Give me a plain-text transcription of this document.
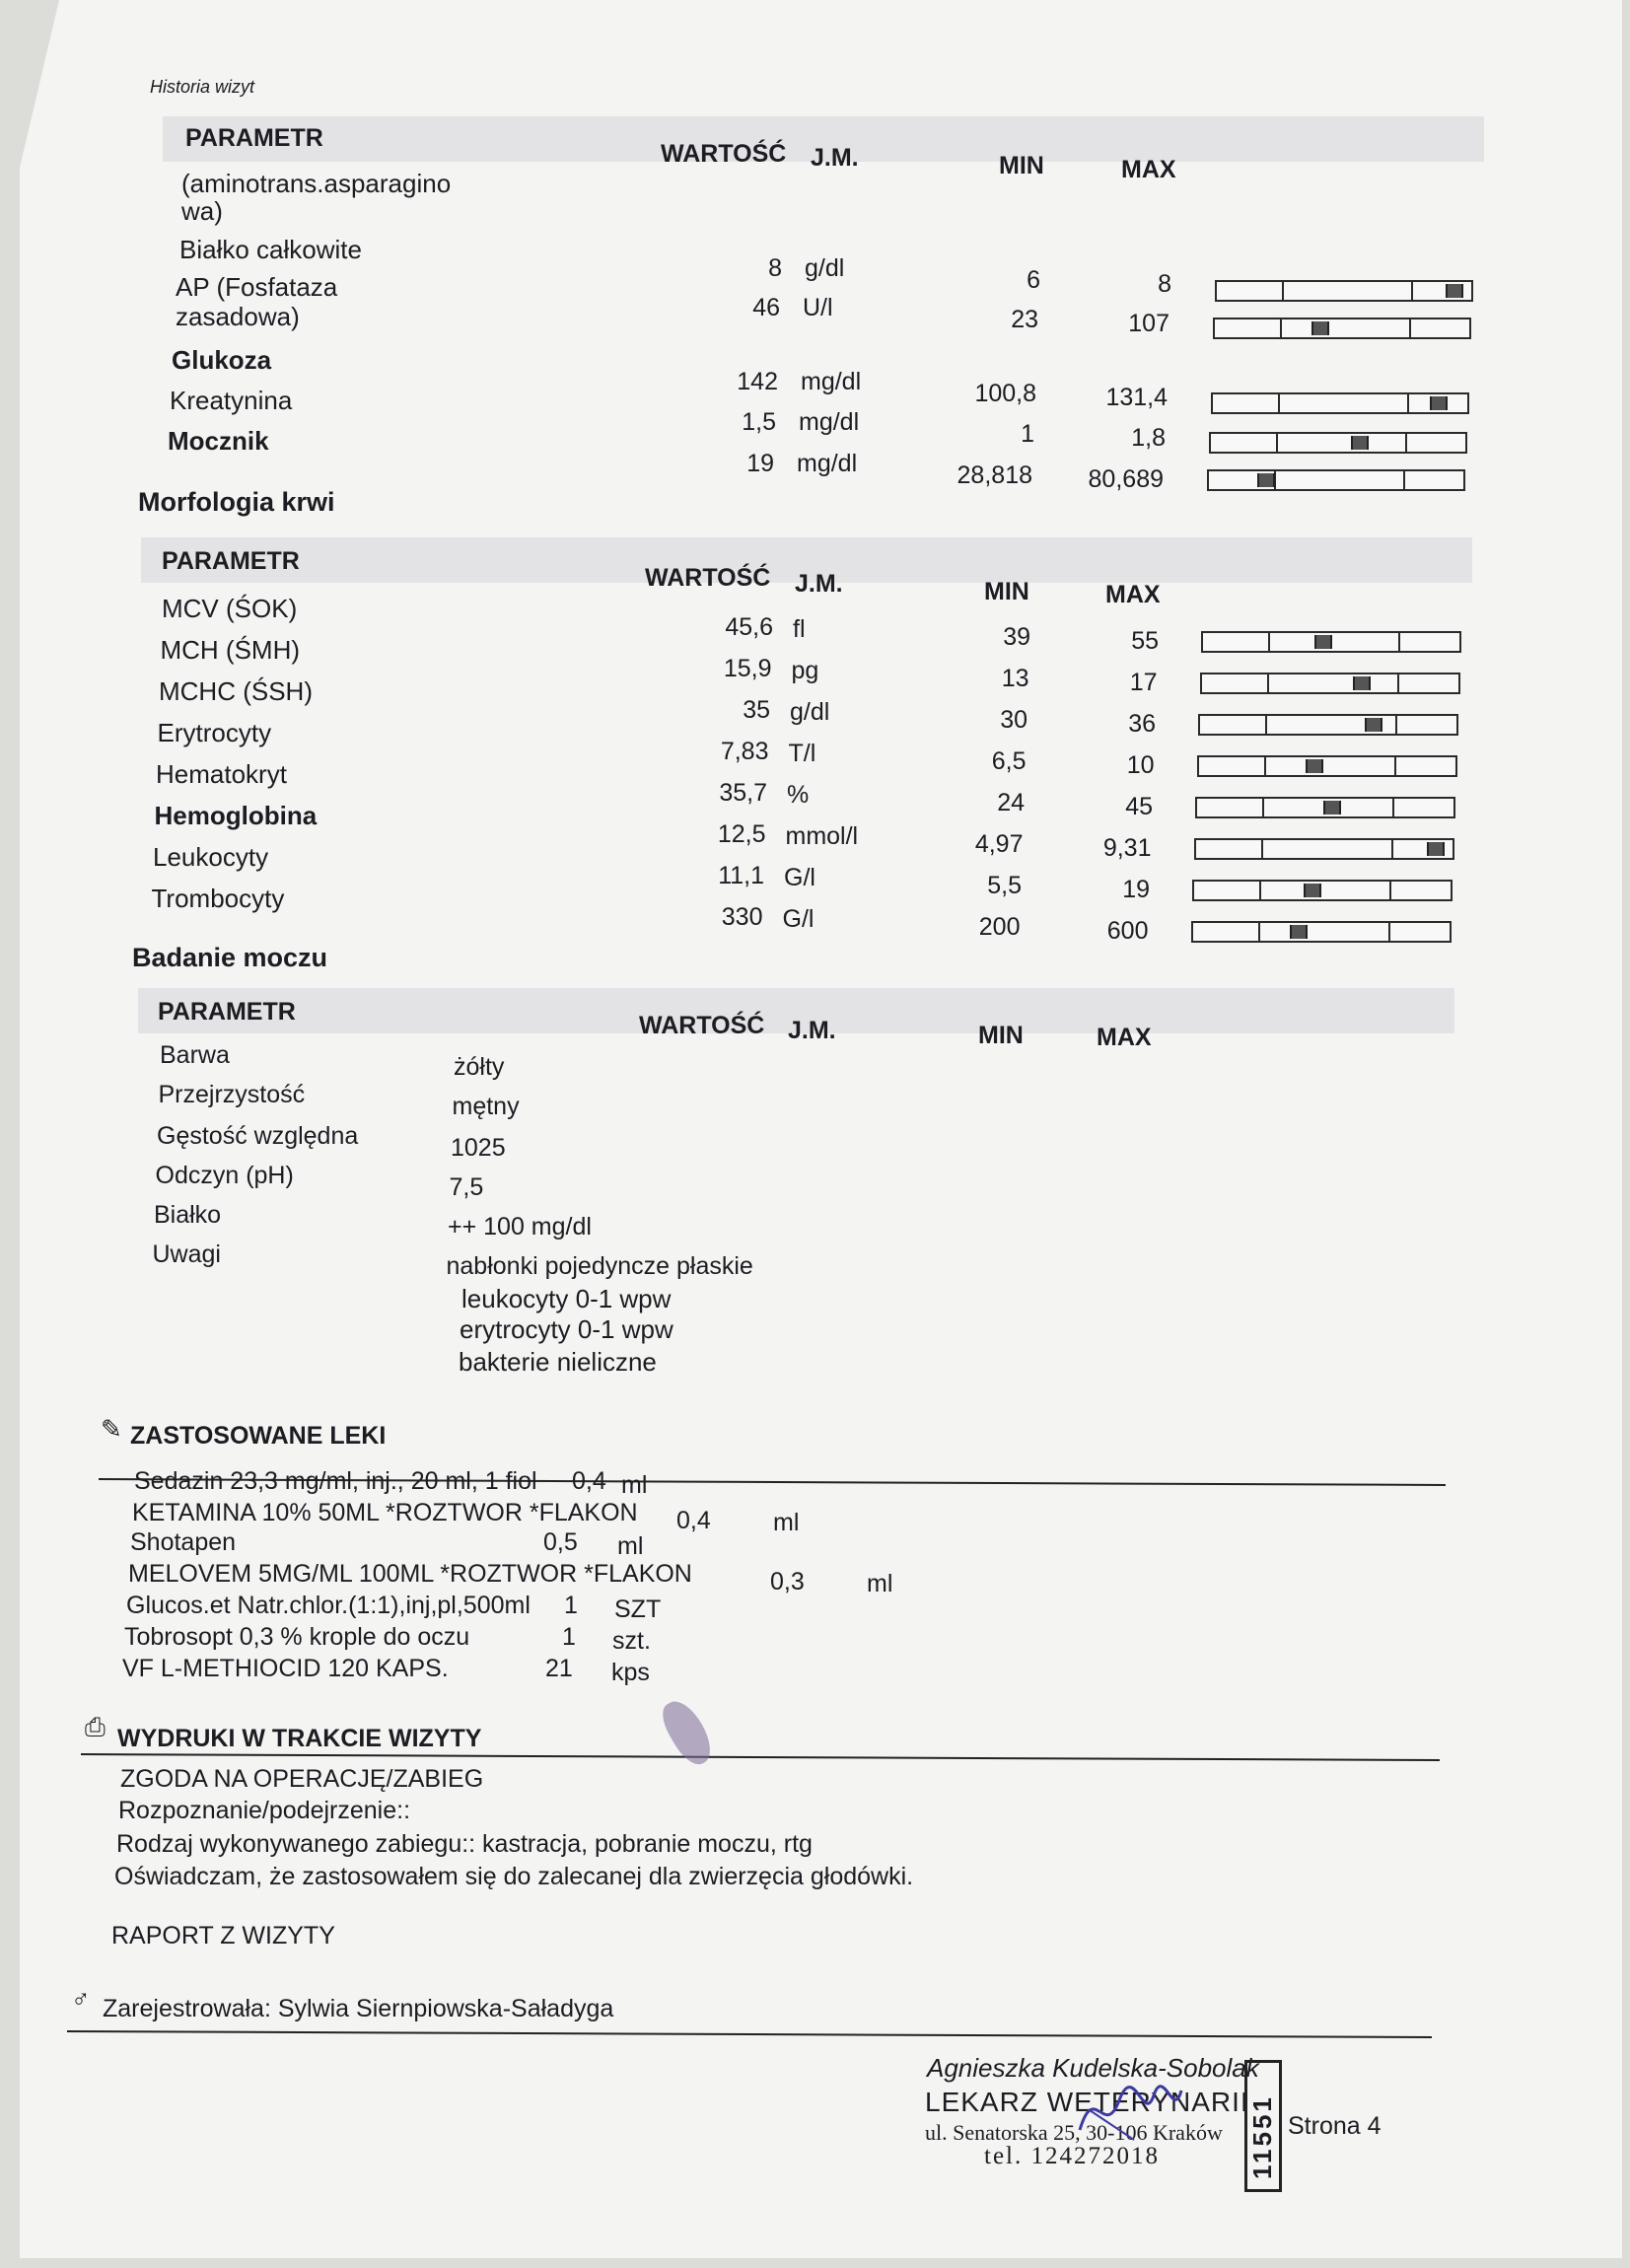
Historia wizyt
PARAMETR
WARTOŚĆ J.M.	MIN	MAX
(aminotrans.asparagino
wa)
Białko całkowite
8 g/dl	6	8
AP (Fosfataza
zasadowa)	46 U/l	23	107
Glukoza
142 mg/dl	100,8	131,4
Kreatynina
1,5 mg/dl	1	1,8
Mocznik
19 mg/dl	28,818 80,689
Morfologia krwi
PARAMETR
WARTOŚĆ J.M.	MIN	MAX
MCV (ŚOK)
45,6 fl	39	55
MCH (ŚMH)
15,9 pg	13	17
MCHC (ŚSH)
35 g/dl	30	36
Erytrocyty
7,83 T/l	6,5	10
Hematokryt
35,7 %	24	45
Hemoglobina
12,5 mmol/l	4,97	9,31
Leukocyty
11,1 G/l	5,5	19
Trombocyty
330 G/l	200	600
Badanie moczu
PARAMETR	WARTOŚĆ J.M.	MIN	MAX
Barwa	żółty
Przejrzystość	mętny
Gęstość względna	1025
Odczyn (pH)	7,5
Białko	++ 100 mg/dl
Uwagi	nabłonki pojedyncze płaskie
leukocyty 0-1 wpw
erytrocyty 0-1 wpw
bakterie nieliczne
✎ ZASTOSOWANE LEKI
Sedazin 23,3 mg/ml, inj., 20 ml, 1 fiol 0,4 ml
KETAMINA 10% 50ML *ROZTWOR *FLAKON 0,4	ml
Shotapen	0,5 ml
MELOVEM 5MG/ML 100ML *ROZTWOR *FLAKON	0,3	ml
Glucos.et Natr.chlor.(1:1),inj,pl,500ml 1 SZT
Tobrosopt 0,3 % krople do oczu	1 szt.
VF L-METHIOCID 120 KAPS.	21 kps
⎙ WYDRUKI W TRAKCIE WIZYTY
ZGODA NA OPERACJĘ/ZABIEG
Rozpoznanie/podejrzenie::
Rodzaj wykonywanego zabiegu:: kastracja, pobranie moczu, rtg
Oświadczam, że zastosowałem się do zalecanej dla zwierzęcia głodówki.
RAPORT Z WIZYTY
♂ Zarejestrowała: Sylwia Siernpiowska-Saładyga
Agnieszka Kudelska-Sobolak
LEKARZ WETERYNARII
ul. Senatorska 25, 30-106 Kraków
tel. 124272018	11551 Strona 4
